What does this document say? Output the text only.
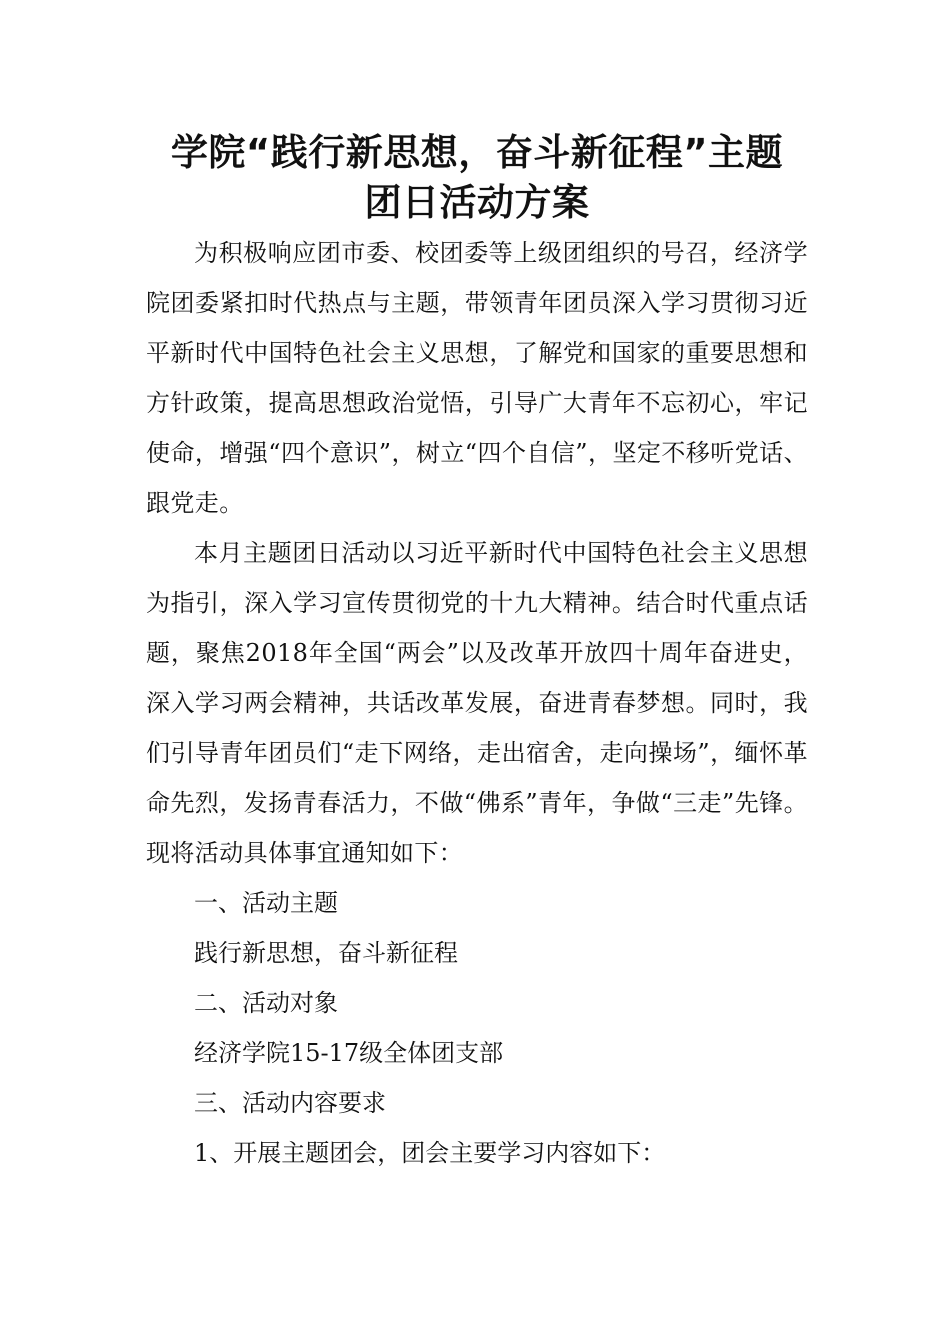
学院“践行新思想，奋斗新征程”主题
团日活动方案

为积极响应团市委、校团委等上级团组织的号召，经济学院团委紧扣时代热点与主题，带领青年团员深入学习贯彻习近平新时代中国特色社会主义思想，了解党和国家的重要思想和方针政策，提高思想政治觉悟，引导广大青年不忘初心，牢记使命，增强“四个意识”，树立“四个自信”，坚定不移听党话、跟党走。

本月主题团日活动以习近平新时代中国特色社会主义思想为指引，深入学习宣传贯彻党的十九大精神。结合时代重点话题，聚焦2018年全国“两会”以及改革开放四十周年奋进史，深入学习两会精神，共话改革发展，奋进青春梦想。同时，我们引导青年团员们“走下网络，走出宿舍，走向操场”，缅怀革命先烈，发扬青春活力，不做“佛系”青年，争做“三走”先锋。现将活动具体事宜通知如下：

一、活动主题

践行新思想，奋斗新征程

二、活动对象

经济学院15-17级全体团支部

三、活动内容要求

1、开展主题团会，团会主要学习内容如下：
